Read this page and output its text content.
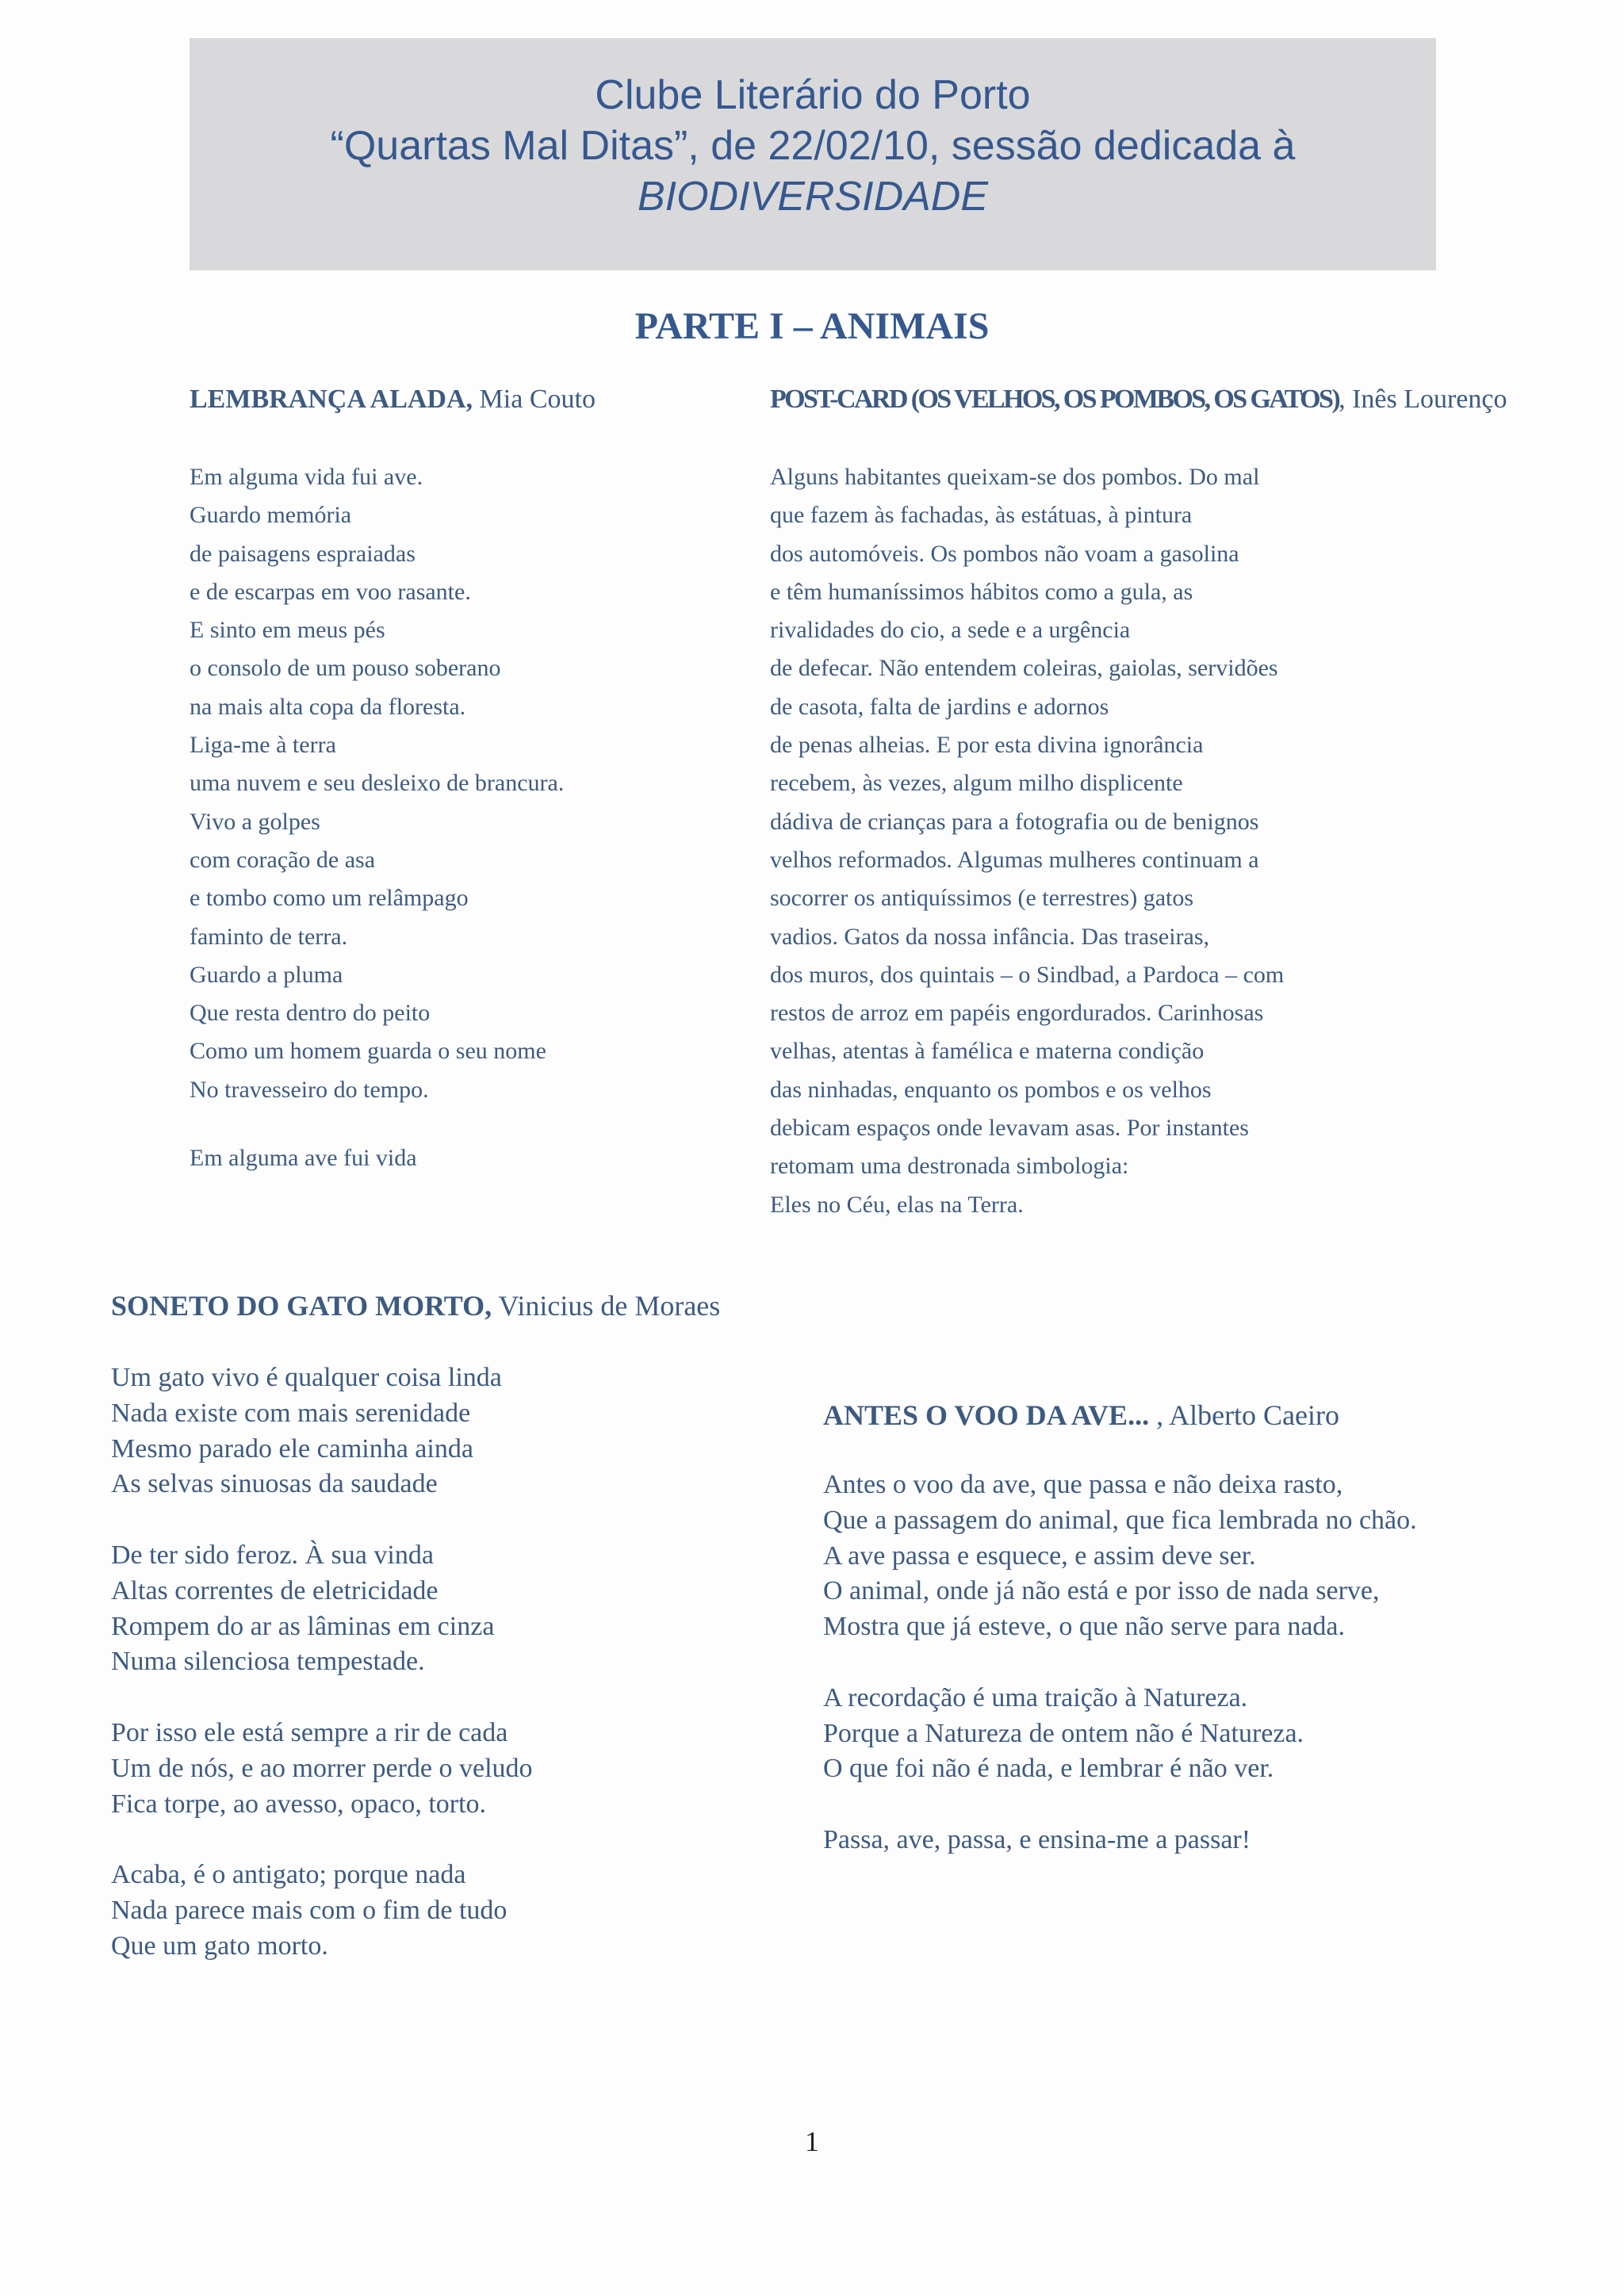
Clube Literário do Porto
“Quartas Mal Ditas”, de 22/02/10, sessão dedicada à
BIODIVERSIDADE
PARTE I – ANIMAIS
LEMBRANÇA ALADA, Mia Couto
Em alguma vida fui ave.
Guardo memória
de paisagens espraiadas
e de escarpas em voo rasante.
E sinto em meus pés
o consolo de um pouso soberano
na mais alta copa da floresta.
Liga-me à terra
uma nuvem e seu desleixo de brancura.
Vivo a golpes
com coração de asa
e tombo como um relâmpago
faminto de terra.
Guardo a pluma
Que resta dentro do peito
Como um homem guarda o seu nome
No travesseiro do tempo.
Em alguma ave fui vida
POST-CARD (OS VELHOS, OS POMBOS, OS GATOS), Inês Lourenço
Alguns habitantes queixam-se dos pombos. Do mal
que fazem às fachadas, às estátuas, à pintura
dos automóveis. Os pombos não voam a gasolina
e têm humaníssimos hábitos como a gula, as
rivalidades do cio, a sede e a urgência
de defecar. Não entendem coleiras, gaiolas, servidões
de casota, falta de jardins e adornos
de penas alheias. E por esta divina ignorância
recebem, às vezes, algum milho displicente
dádiva de crianças para a fotografia ou de benignos
velhos reformados. Algumas mulheres continuam a
socorrer os antiquíssimos (e terrestres) gatos
vadios. Gatos da nossa infância. Das traseiras,
dos muros, dos quintais – o Sindbad, a Pardoca – com
restos de arroz em papéis engordurados. Carinhosas
velhas, atentas à famélica e materna condição
das ninhadas, enquanto os pombos e os velhos
debicam espaços onde levavam asas. Por instantes
retomam uma destronada simbologia:
Eles no Céu, elas na Terra.
SONETO DO GATO MORTO, Vinicius de Moraes
Um gato vivo é qualquer coisa linda
Nada existe com mais serenidade
Mesmo parado ele caminha ainda
As selvas sinuosas da saudade
De ter sido feroz. À sua vinda
Altas correntes de eletricidade
Rompem do ar as lâminas em cinza
Numa silenciosa tempestade.
Por isso ele está sempre a rir de cada
Um de nós, e ao morrer perde o veludo
Fica torpe, ao avesso, opaco, torto.
Acaba, é o antigato; porque nada
Nada parece mais com o fim de tudo
Que um gato morto.
ANTES O VOO DA AVE... , Alberto Caeiro
Antes o voo da ave, que passa e não deixa rasto,
Que a passagem do animal, que fica lembrada no chão.
A ave passa e esquece, e assim deve ser.
O animal, onde já não está e por isso de nada serve,
Mostra que já esteve, o que não serve para nada.
A recordação é uma traição à Natureza.
Porque a Natureza de ontem não é Natureza.
O que foi não é nada, e lembrar é não ver.
Passa, ave, passa, e ensina-me a passar!
1
